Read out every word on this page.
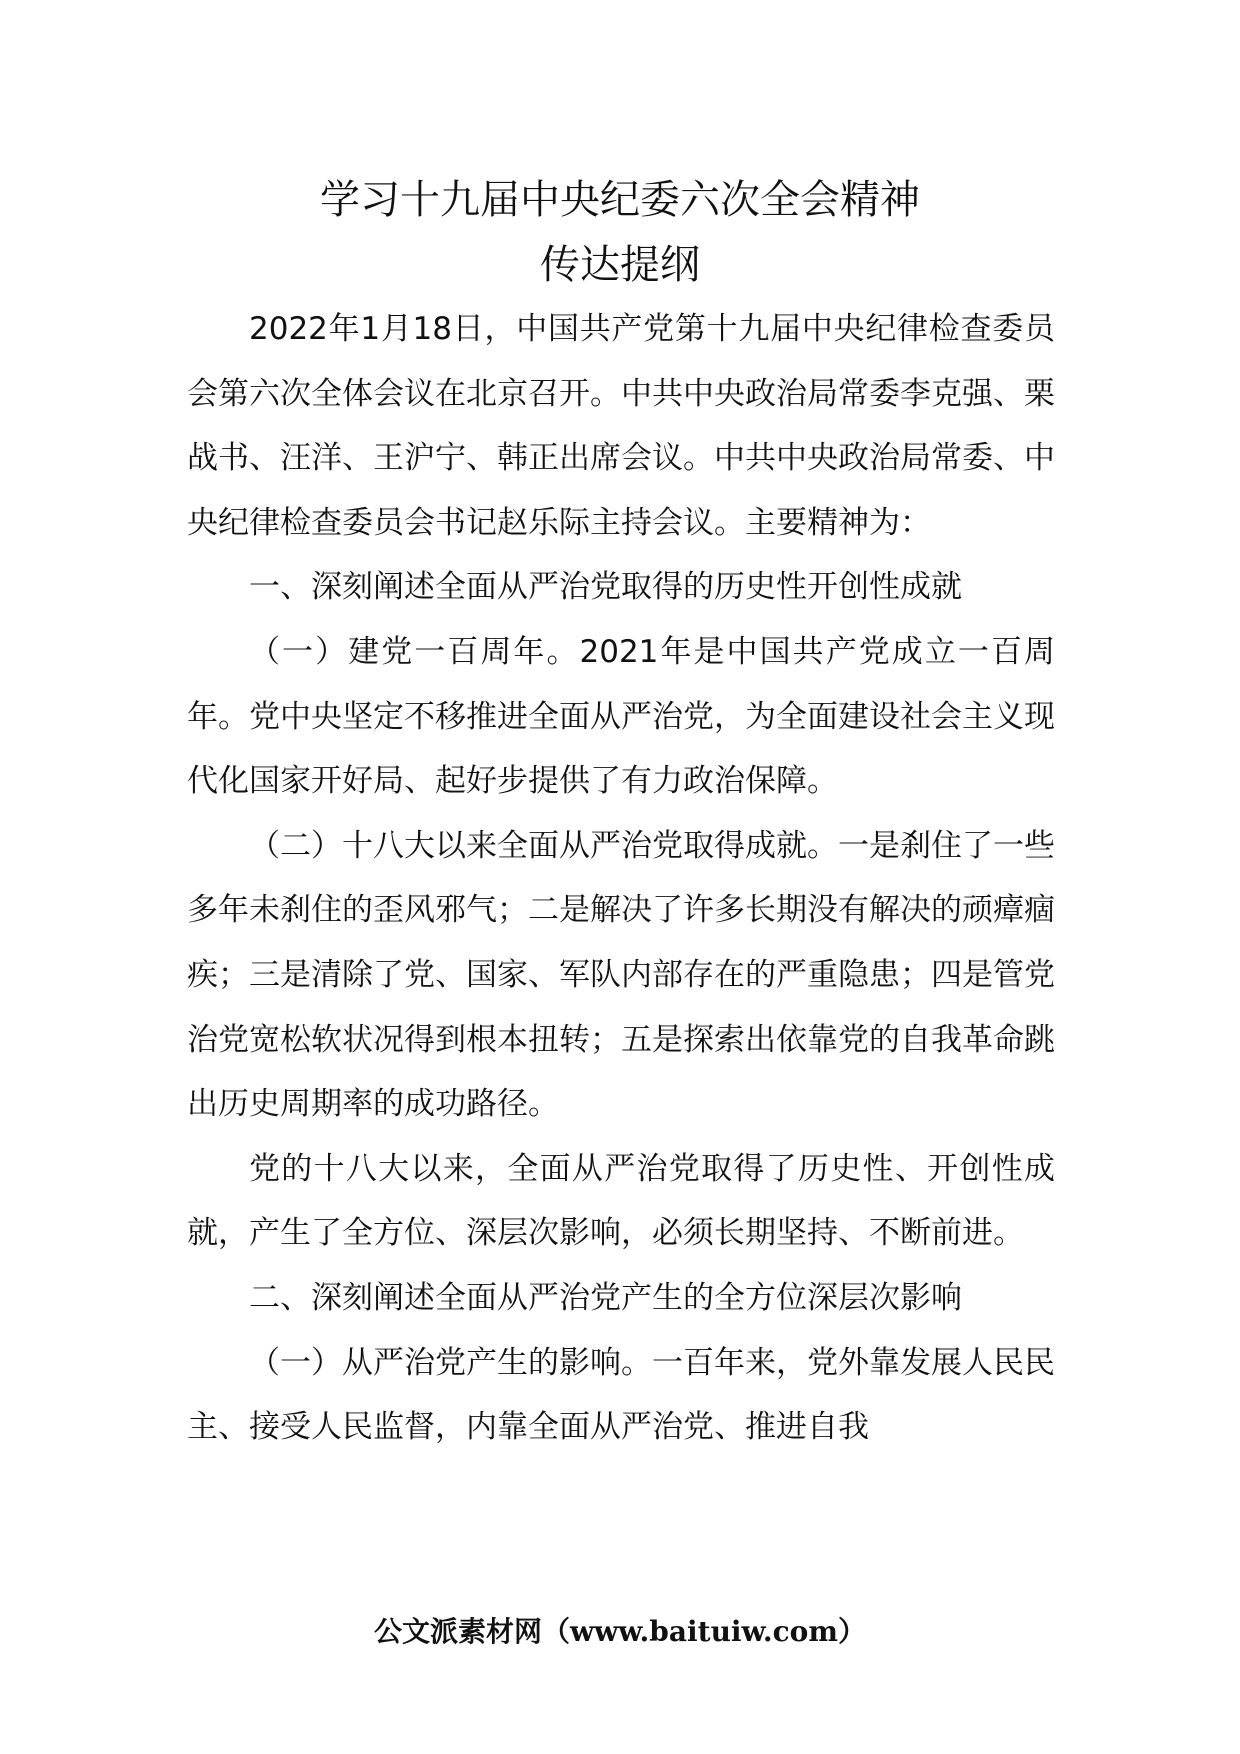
学习十九届中央纪委六次全会精神
传达提纲

2022年1月18日，中国共产党第十九届中央纪律检查委员会第六次全体会议在北京召开。中共中央政治局常委李克强、栗战书、汪洋、王沪宁、韩正出席会议。中共中央政治局常委、中央纪律检查委员会书记赵乐际主持会议。主要精神为：

一、深刻阐述全面从严治党取得的历史性开创性成就

（一）建党一百周年。2021年是中国共产党成立一百周年。党中央坚定不移推进全面从严治党，为全面建设社会主义现代化国家开好局、起好步提供了有力政治保障。

（二）十八大以来全面从严治党取得成就。一是刹住了一些多年未刹住的歪风邪气；二是解决了许多长期没有解决的顽瘴痼疾；三是清除了党、国家、军队内部存在的严重隐患；四是管党治党宽松软状况得到根本扭转；五是探索出依靠党的自我革命跳出历史周期率的成功路径。

党的十八大以来，全面从严治党取得了历史性、开创性成就，产生了全方位、深层次影响，必须长期坚持、不断前进。

二、深刻阐述全面从严治党产生的全方位深层次影响

（一）从严治党产生的影响。一百年来，党外靠发展人民民主、接受人民监督，内靠全面从严治党、推进自我

公文派素材网（www.baituiw.com）
